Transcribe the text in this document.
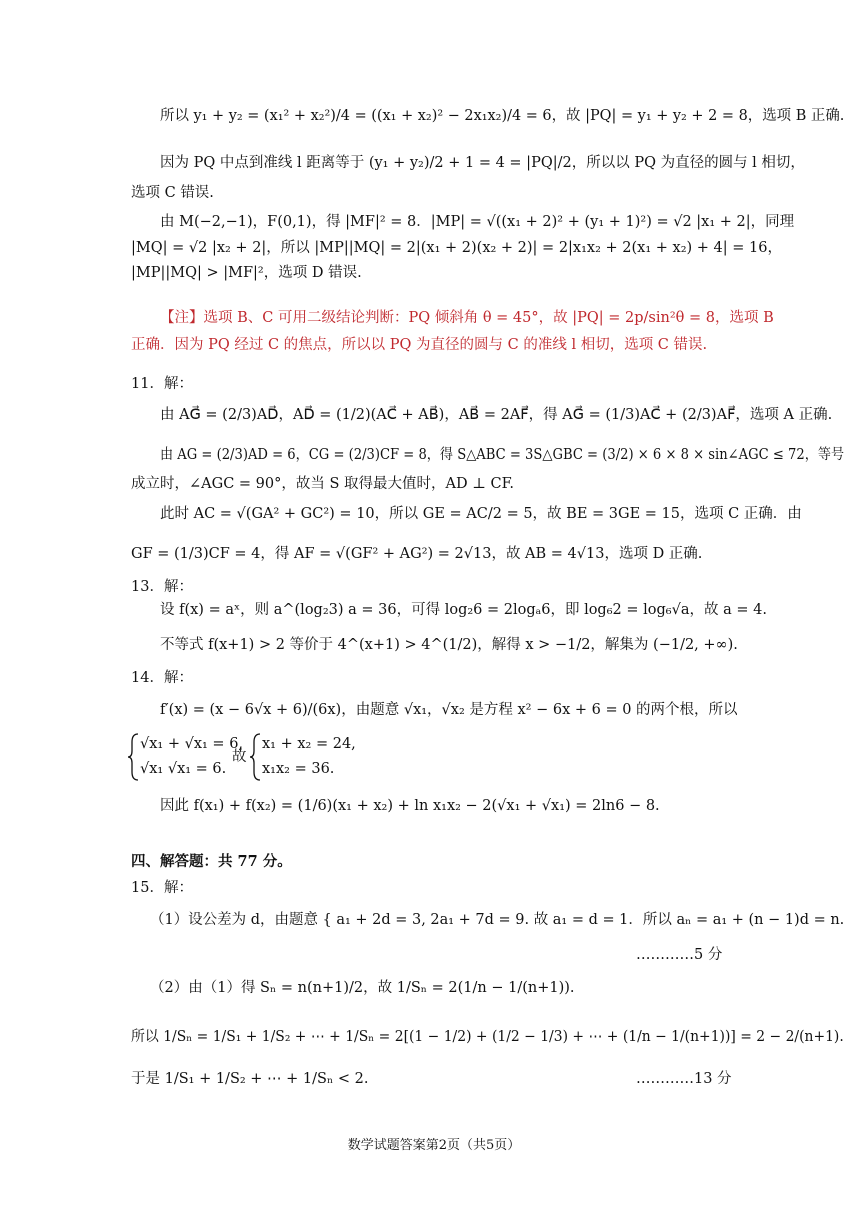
所以 y₁ + y₂ = (x₁² + x₂²)/4 = ((x₁ + x₂)² − 2x₁x₂)/4 = 6，故 |PQ| = y₁ + y₂ + 2 = 8，选项 B 正确.
因为 PQ 中点到准线 l 距离等于 (y₁ + y₂)/2 + 1 = 4 = |PQ|/2，所以以 PQ 为直径的圆与 l 相切，
选项 C 错误.
由 M(−2,−1)，F(0,1)，得 |MF|² = 8．|MP| = √((x₁ + 2)² + (y₁ + 1)²) = √2 |x₁ + 2|，同理
|MQ| = √2 |x₂ + 2|，所以 |MP||MQ| = 2|(x₁ + 2)(x₂ + 2)| = 2|x₁x₂ + 2(x₁ + x₂) + 4| = 16，
|MP||MQ| > |MF|²，选项 D 错误.
【注】选项 B、C 可用二级结论判断：PQ 倾斜角 θ = 45°，故 |PQ| = 2p/sin²θ = 8，选项 B
正确．因为 PQ 经过 C 的焦点，所以以 PQ 为直径的圆与 C 的准线 l 相切，选项 C 错误.
11．解：
由 AG⃗ = (2/3)AD⃗，AD⃗ = (1/2)(AC⃗ + AB⃗)，AB⃗ = 2AF⃗，得 AG⃗ = (1/3)AC⃗ + (2/3)AF⃗，选项 A 正确.
由 AG = (2/3)AD = 6，CG = (2/3)CF = 8，得 S△ABC = 3S△GBC = (3/2) × 6 × 8 × sin∠AGC ≤ 72，等号
成立时，∠AGC = 90°，故当 S 取得最大值时，AD ⊥ CF.
此时 AC = √(GA² + GC²) = 10，所以 GE = AC/2 = 5，故 BE = 3GE = 15，选项 C 正确．由
GF = (1/3)CF = 4，得 AF = √(GF² + AG²) = 2√13，故 AB = 4√13，选项 D 正确.
13．解：
设 f(x) = aˣ，则 a^(log₂3) a = 36，可得 log₂6 = 2logₐ6，即 log₆2 = log₆√a，故 a = 4.
不等式 f(x+1) > 2 等价于 4^(x+1) > 4^(1/2)，解得 x > −1/2，解集为 (−1/2, +∞).
14．解：
f′(x) = (x − 6√x + 6)/(6x)，由题意 √x₁，√x₂ 是方程 x² − 6x + 6 = 0 的两个根，所以
√x₁ + √x₁ = 6,
√x₁ √x₁ = 6.
故
x₁ + x₂ = 24,
x₁x₂ = 36.
因此 f(x₁) + f(x₂) = (1/6)(x₁ + x₂) + ln x₁x₂ − 2(√x₁ + √x₁) = 2ln6 − 8.
四、解答题：共 77 分。
15．解：
（1）设公差为 d，由题意 { a₁ + 2d = 3, 2a₁ + 7d = 9. 故 a₁ = d = 1．所以 aₙ = a₁ + (n − 1)d = n.
…………5 分
（2）由（1）得 Sₙ = n(n+1)/2，故 1/Sₙ = 2(1/n − 1/(n+1)).
所以 1/Sₙ = 1/S₁ + 1/S₂ + ⋯ + 1/Sₙ = 2[(1 − 1/2) + (1/2 − 1/3) + ⋯ + (1/n − 1/(n+1))] = 2 − 2/(n+1).
于是 1/S₁ + 1/S₂ + ⋯ + 1/Sₙ < 2.	…………13 分
数学试题答案第2页（共5页）
